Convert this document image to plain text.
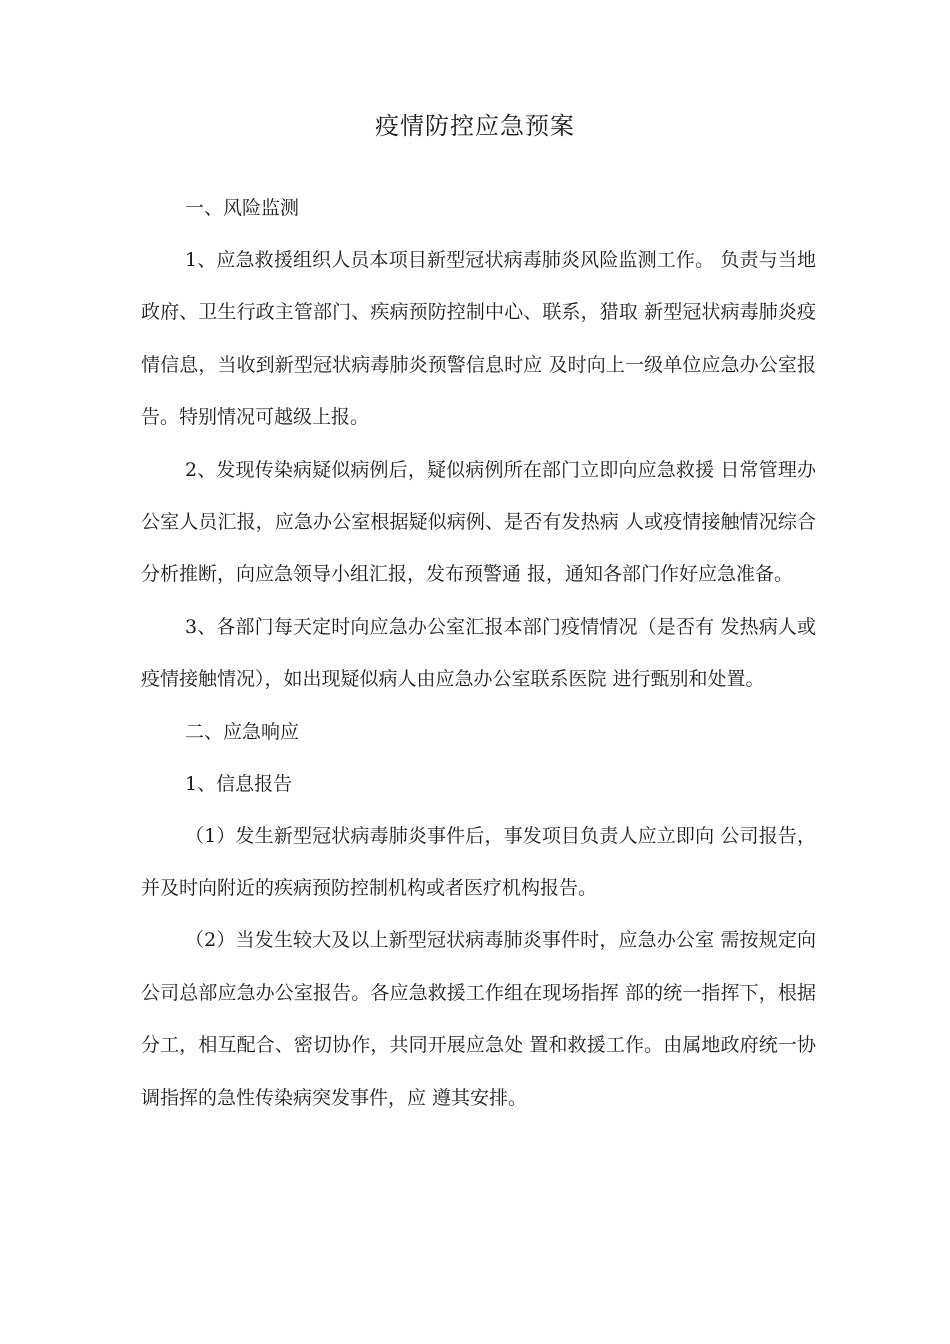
疫情防控应急预案

一、风险监测

1、应急救援组织人员本项目新型冠状病毒肺炎风险监测工作。 负责与当地政府、卫生行政主管部门、疾病预防控制中心、联系，猎取 新型冠状病毒肺炎疫情信息，当收到新型冠状病毒肺炎预警信息时应 及时向上一级单位应急办公室报告。特别情况可越级上报。

2、发现传染病疑似病例后，疑似病例所在部门立即向应急救援 日常管理办公室人员汇报，应急办公室根据疑似病例、是否有发热病 人或疫情接触情况综合分析推断，向应急领导小组汇报，发布预警通 报，通知各部门作好应急准备。

3、各部门每天定时向应急办公室汇报本部门疫情情况（是否有 发热病人或疫情接触情况），如出现疑似病人由应急办公室联系医院 进行甄别和处置。

二、应急响应

1、信息报告

（1）发生新型冠状病毒肺炎事件后，事发项目负责人应立即向 公司报告，并及时向附近的疾病预防控制机构或者医疗机构报告。

（2）当发生较大及以上新型冠状病毒肺炎事件时，应急办公室 需按规定向公司总部应急办公室报告。各应急救援工作组在现场指挥 部的统一指挥下，根据分工，相互配合、密切协作，共同开展应急处 置和救援工作。由属地政府统一协调指挥的急性传染病突发事件，应 遵其安排。
